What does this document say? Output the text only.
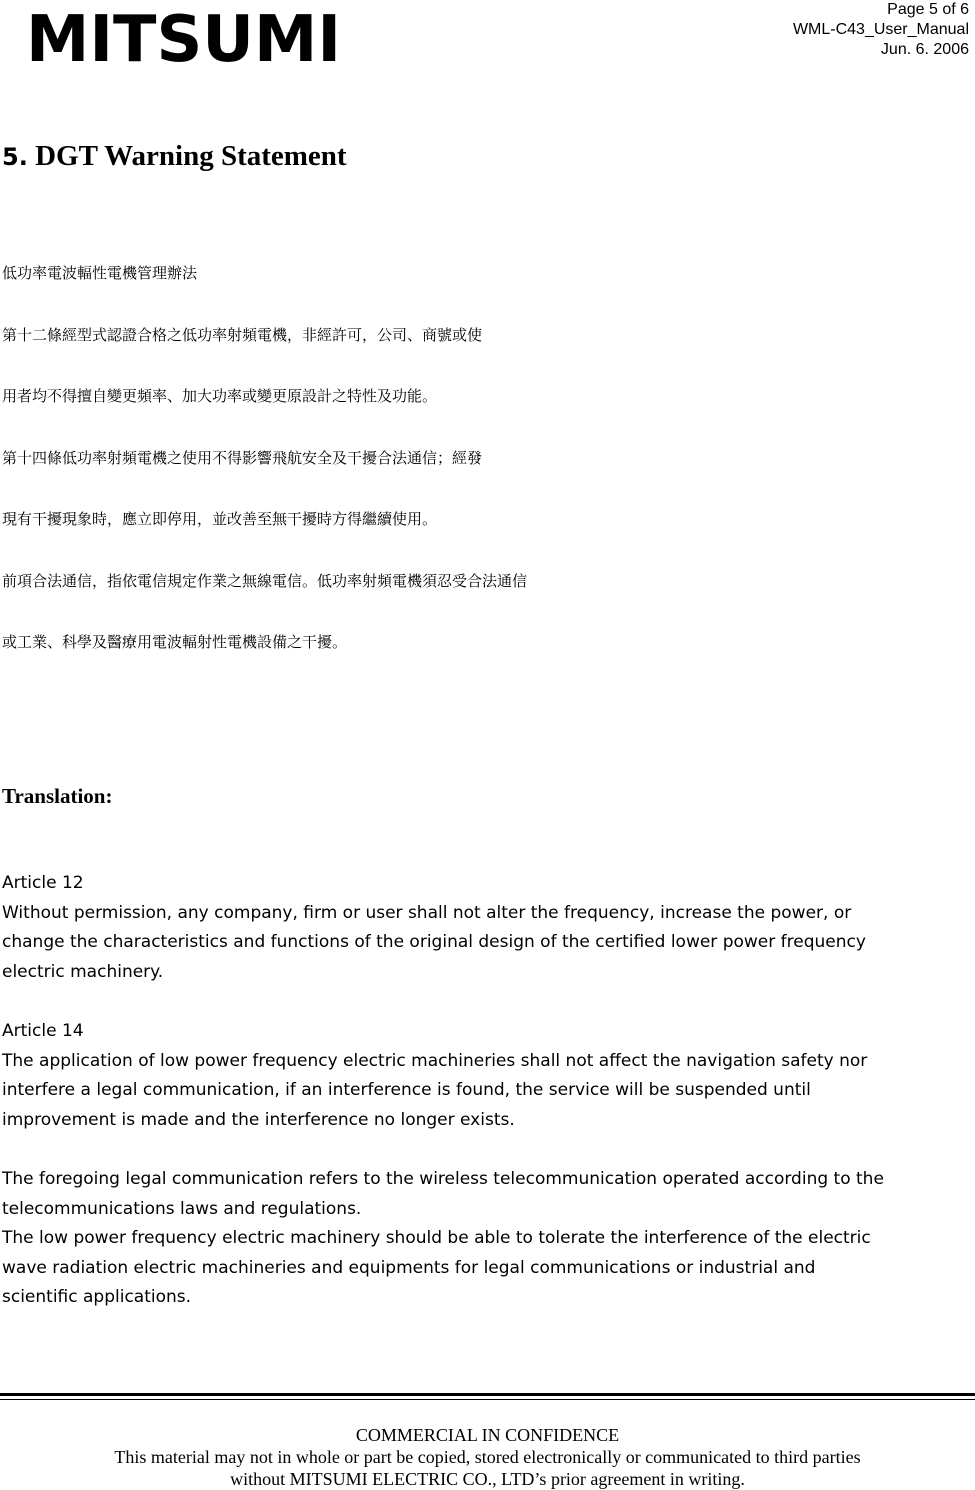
MITSUMI	Page 5 of 6
WML-C43_User_Manual
Jun. 6. 2006
5. DGT Warning Statement
低功率電波輻性電機管理辦法
第十二條經型式認證合格之低功率射頻電機，非經許可，公司、商號或使
用者均不得擅自變更頻率、加大功率或變更原設計之特性及功能。
第十四條低功率射頻電機之使用不得影響飛航安全及干擾合法通信；經發
現有干擾現象時，應立即停用，並改善至無干擾時方得繼續使用。
前項合法通信，指依電信規定作業之無線電信。低功率射頻電機須忍受合法通信
或工業、科學及醫療用電波輻射性電機設備之干擾。
Translation:
Article 12
Without permission, any company, firm or user shall not alter the frequency, increase the power, or
change the characteristics and functions of the original design of the certified lower power frequency
electric machinery.
Article 14
The application of low power frequency electric machineries shall not affect the navigation safety nor
interfere a legal communication, if an interference is found, the service will be suspended until
improvement is made and the interference no longer exists.
The foregoing legal communication refers to the wireless telecommunication operated according to the
telecommunications laws and regulations.
The low power frequency electric machinery should be able to tolerate the interference of the electric
wave radiation electric machineries and equipments for legal communications or industrial and
scientific applications.
COMMERCIAL IN CONFIDENCE
This material may not in whole or part be copied, stored electronically or communicated to third parties
without MITSUMI ELECTRIC CO., LTD’s prior agreement in writing.
